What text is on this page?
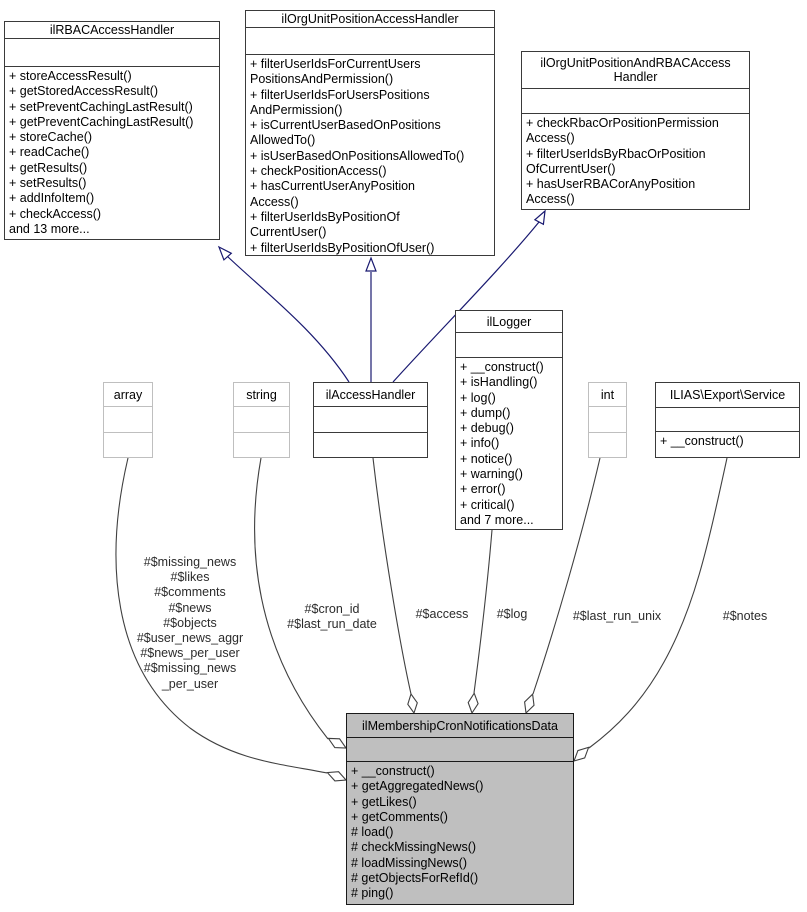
ilRBACAccessHandler
+ storeAccessResult()
+ getStoredAccessResult()
+ setPreventCachingLastResult()
+ getPreventCachingLastResult()
+ storeCache()
+ readCache()
+ getResults()
+ setResults()
+ addInfoItem()
+ checkAccess()
and 13 more...
ilOrgUnitPositionAccessHandler
+ filterUserIdsForCurrentUsers
PositionsAndPermission()
+ filterUserIdsForUsersPositions
AndPermission()
+ isCurrentUserBasedOnPositions
AllowedTo()
+ isUserBasedOnPositionsAllowedTo()
+ checkPositionAccess()
+ hasCurrentUserAnyPosition
Access()
+ filterUserIdsByPositionOf
CurrentUser()
+ filterUserIdsByPositionOfUser()
ilOrgUnitPositionAndRBACAccess Handler
+ checkRbacOrPositionPermission
Access()
+ filterUserIdsByRbacOrPosition
OfCurrentUser()
+ hasUserRBACorAnyPosition
Access()
array	string	ilAccessHandler
ilLogger
+ __construct()
+ isHandling()
+ log()
+ dump()
+ debug()
+ info()
+ notice()
+ warning()
+ error()
+ critical()
and 7 more...
int	ILIAS\Export\Service
+ __construct()
ilMembershipCronNotificationsData
+ __construct()
+ getAggregatedNews()
+ getLikes()
+ getComments()
# load()
# checkMissingNews()
# loadMissingNews()
# getObjectsForRefId()
# ping()
#$missing_news
#$likes
#$comments
#$news
#$objects
#$user_news_aggr
#$news_per_user
#$missing_news
_per_user
#$cron_id
#$last_run_date
#$access	#$log	#$last_run_unix	#$notes
